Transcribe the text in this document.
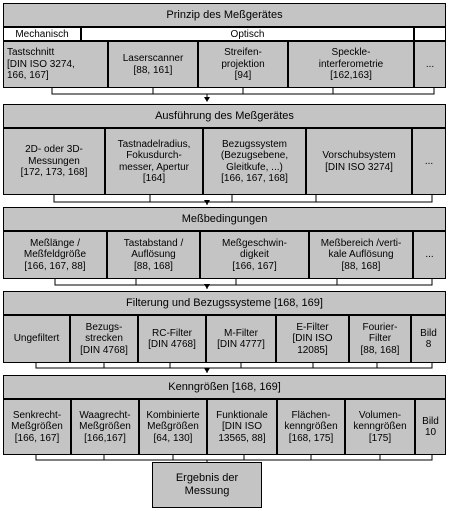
Prinzip des Meßgerätes
Mechanisch	Optisch
Tastschnitt
[DIN ISO 3274,
166, 167]
Laserscanner
[88, 161]
Streifen-
projektion
[94]
Speckle-
interferometrie
[162,163]
...
Ausführung des Meßgerätes
2D- oder 3D-
Messungen
[172, 173, 168]
Tastnadelradius,
Fokusdurch-
messer, Apertur
[164]
Bezugssystem
(Bezugsebene,
Gleitkufe, ...)
[166, 167, 168]
Vorschubsystem
[DIN ISO 3274]
...
Meßbedingungen
Meßlänge /
Meßfeldgröße
[166, 167, 88]
Tastabstand /
Auflösung
[88, 168]
Meßgeschwin-
digkeit
[166, 167]
Meßbereich /verti-
kale Auflösung
[88, 168]
...
Filterung und Bezugssysteme [168, 169]
Ungefiltert
Bezugs-
strecken
[DIN 4768]
RC-Filter
[DIN 4768]
M-Filter
[DIN 4777]
E-Filter
[DIN ISO
12085]
Fourier-
Filter
[88, 168]
Bild
8
Kenngrößen [168, 169]
Senkrecht-
Meßgrößen
[166, 167]
Waagrecht-
Meßgrößen
[166,167]
Kombinierte
Meßgrößen
[64, 130]
Funktionale
[DIN ISO
13565, 88]
Flächen-
kenngrößen
[168, 175]
Volumen-
kenngrößen
[175]
Bild
10
Ergebnis der
Messung
